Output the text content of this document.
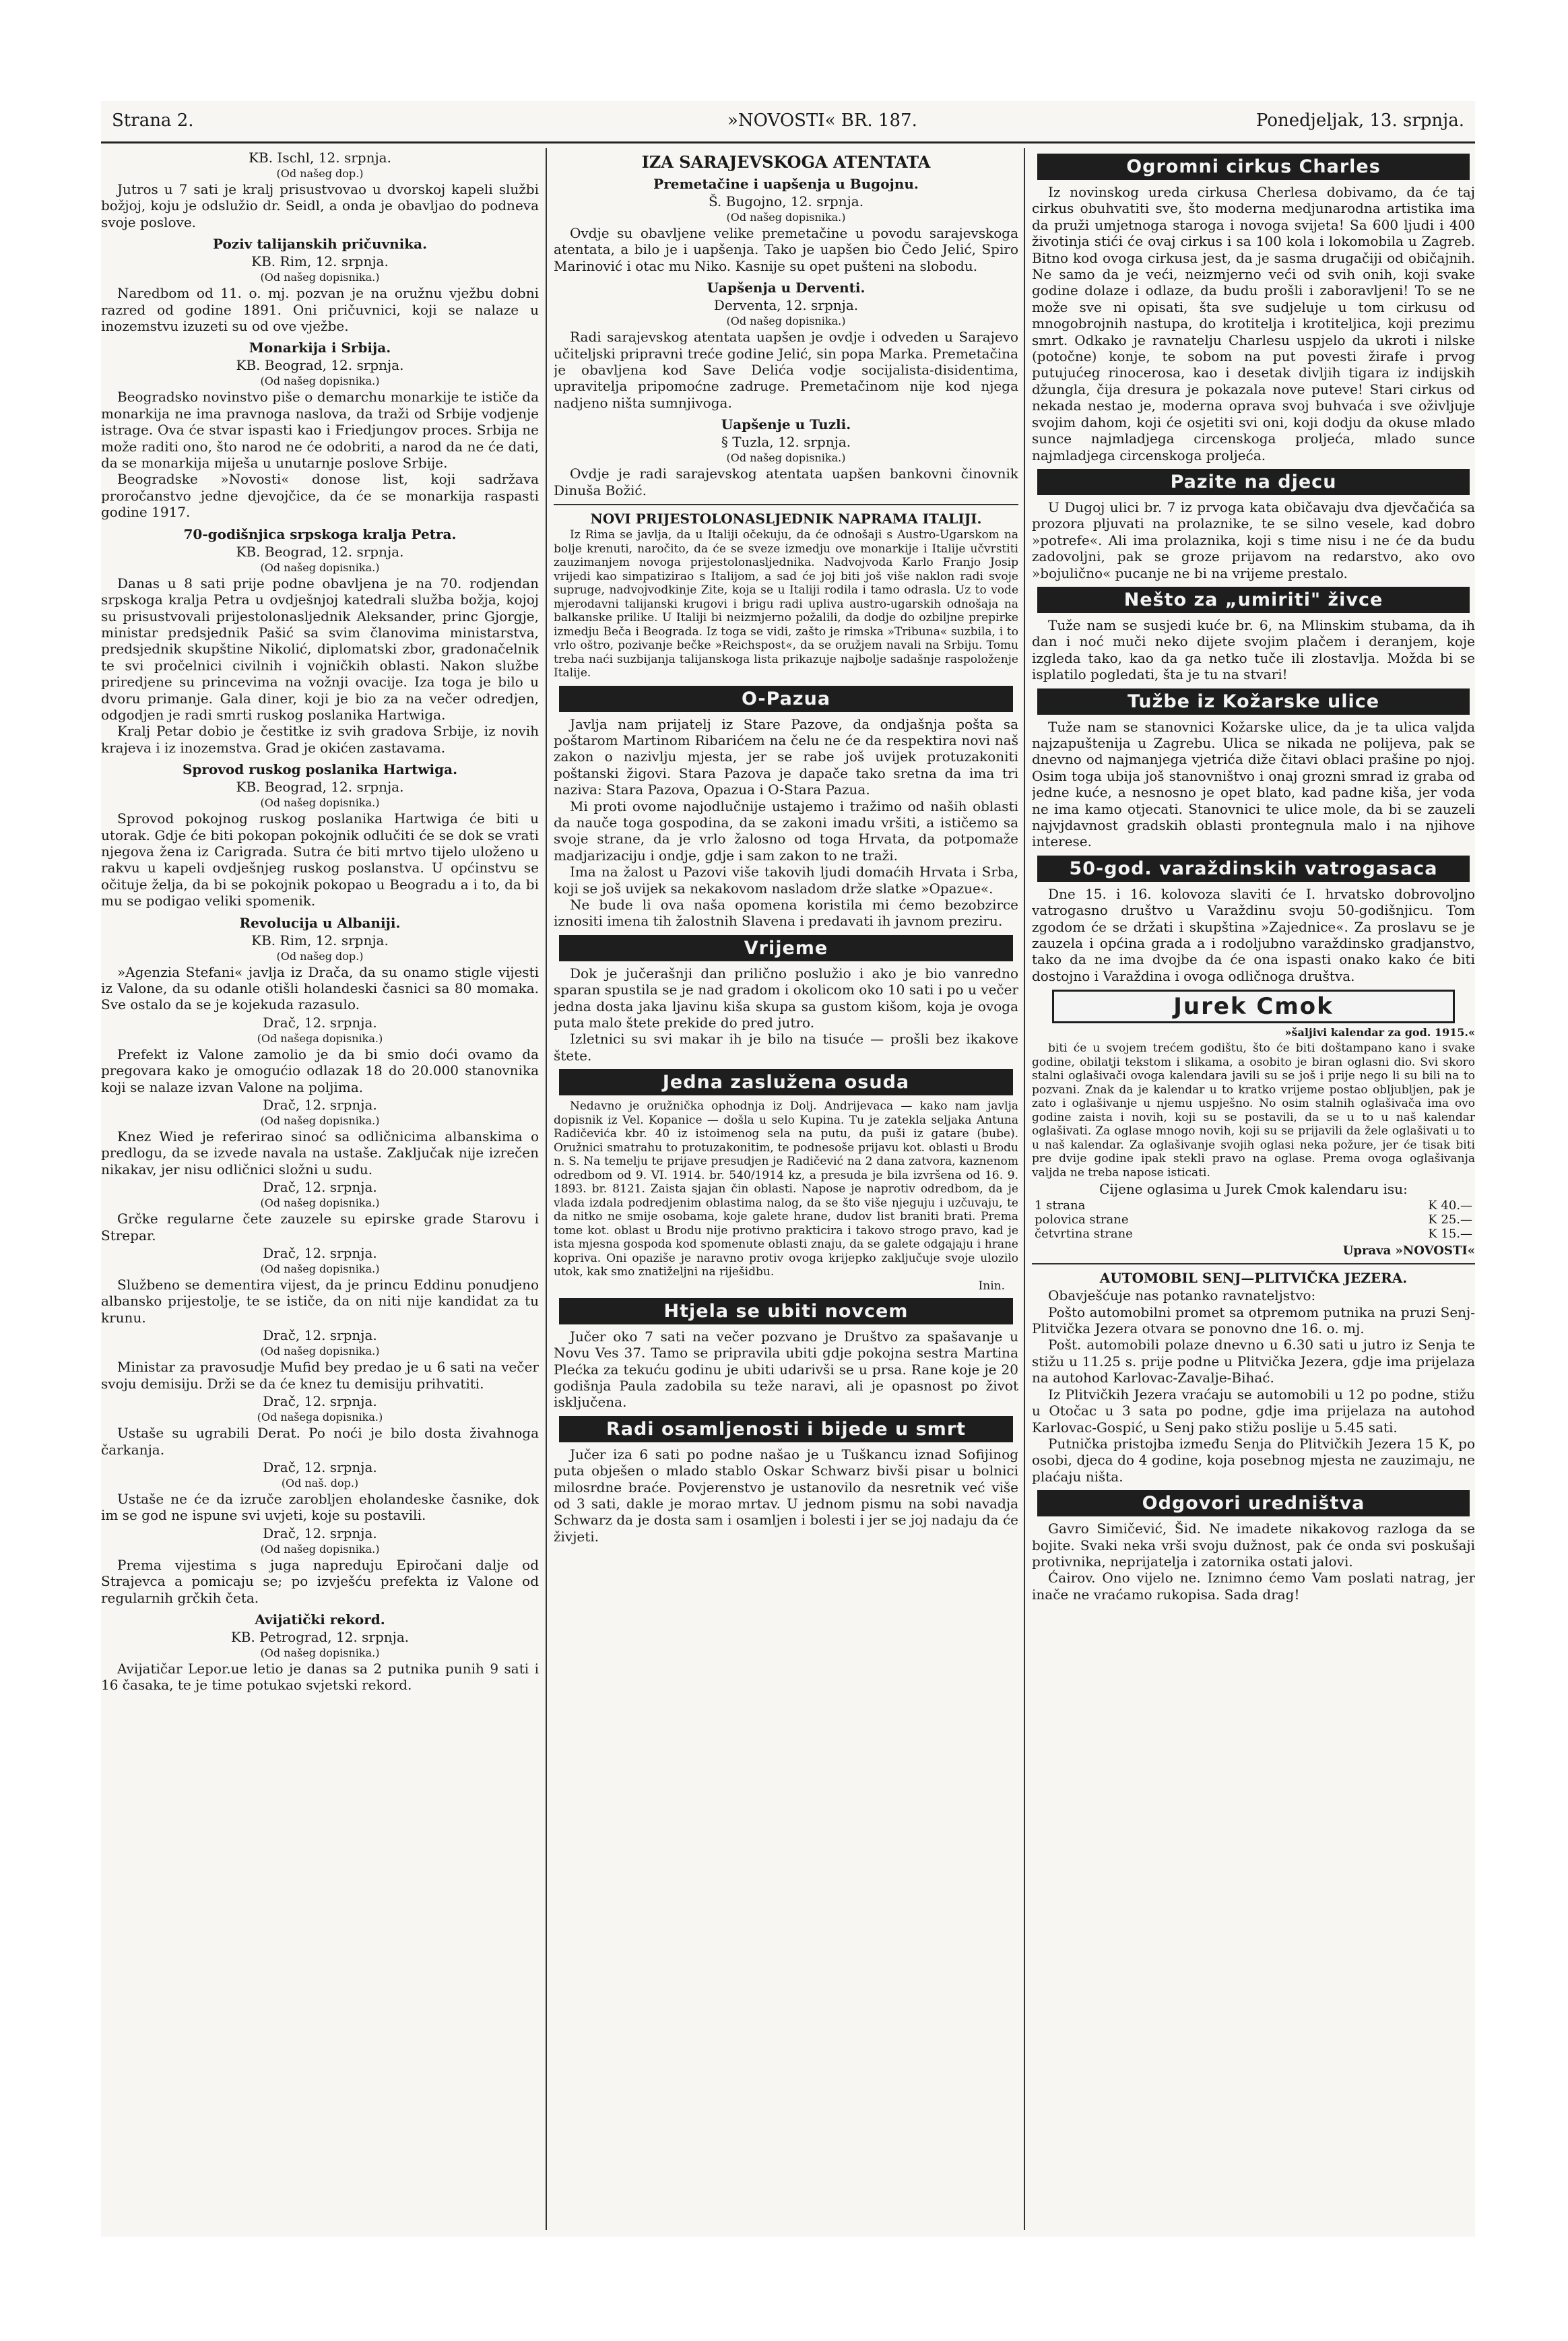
Strana 2.	»NOVOSTI« BR. 187.	Ponedjeljak, 13. srpnja.

KB. Ischl, 12. srpnja.

(Od našeg dop.)

Jutros u 7 sati je kralj prisustvovao u dvorskoj kapeli službi božjoj, koju je odslužio dr. Seidl, a onda je obavljao do podneva svoje poslove.

Poziv talijanskih pričuvnika.

KB. Rim, 12. srpnja.

(Od našeg dopisnika.)

Naredbom od 11. o. mj. pozvan je na oružnu vježbu dobni razred od godine 1891. Oni pričuvnici, koji se nalaze u inozemstvu izuzeti su od ove vježbe.

Monarkija i Srbija.

KB. Beograd, 12. srpnja.

(Od našeg dopisnika.)

Beogradsko novinstvo piše o demarchu monarkije te ističe da monarkija ne ima pravnoga naslova, da traži od Srbije vodjenje istrage. Ova će stvar ispasti kao i Friedjungov proces. Srbija ne može raditi ono, što narod ne će odobriti, a narod da ne će dati, da se monarkija miješa u unutarnje poslove Srbije.

Beogradske »Novosti« donose list, koji sadržava proročanstvo jedne djevojčice, da će se monarkija raspasti godine 1917.

70-godišnjica srpskoga kralja Petra.

KB. Beograd, 12. srpnja.

(Od našeg dopisnika.)

Danas u 8 sati prije podne obavljena je na 70. rodjendan srpskoga kralja Petra u ovdješnjoj katedrali služba božja, kojoj su prisustvovali prijestolonasljednik Aleksander, princ Gjorgje, ministar predsjednik Pašić sa svim članovima ministarstva, predsjednik skupštine Nikolić, diplomatski zbor, gradonačelnik te svi pročelnici civilnih i vojničkih oblasti. Nakon službe priredjene su princevima na vožnji ovacije. Iza toga je bilo u dvoru primanje. Gala diner, koji je bio za na večer odredjen, odgodjen je radi smrti ruskog poslanika Hartwiga.

Kralj Petar dobio je čestitke iz svih gradova Srbije, iz novih krajeva i iz inozemstva. Grad je okićen zastavama.

Sprovod ruskog poslanika Hartwiga.

KB. Beograd, 12. srpnja.

(Od našeg dopisnika.)

Sprovod pokojnog ruskog poslanika Hartwiga će biti u utorak. Gdje će biti pokopan pokojnik odlučiti će se dok se vrati njegova žena iz Carigrada. Sutra će biti mrtvo tijelo uloženo u rakvu u kapeli ovdješnjeg ruskog poslanstva. U općinstvu se očituje želja, da bi se pokojnik pokopao u Beogradu a i to, da bi mu se podigao veliki spomenik.

Revolucija u Albaniji.

KB. Rim, 12. srpnja.

(Od našeg dop.)

»Agenzia Stefani« javlja iz Drača, da su onamo stigle vijesti iz Valone, da su odanle otišli holandeski časnici sa 80 momaka. Sve ostalo da se je kojekuda razasulo.

Drač, 12. srpnja.

(Od našega dopisnika.)

Prefekt iz Valone zamolio je da bi smio doći ovamo da pregovara kako je omogućio odlazak 18 do 20.000 stanovnika koji se nalaze izvan Valone na poljima.

Drač, 12. srpnja.

(Od našeg dopisnika.)

Knez Wied je referirao sinoć sa odličnicima albanskima o predlogu, da se izvede navala na ustaše. Zaključak nije izrečen nikakav, jer nisu odličnici složni u sudu.

Drač, 12. srpnja.

(Od našeg dopisnika.)

Grčke regularne čete zauzele su epirske grade Starovu i Strepar.

Drač, 12. srpnja.

(Od našeg dopisnika.)

Službeno se dementira vijest, da je princu Eddinu ponudjeno albansko prijestolje, te se ističe, da on niti nije kandidat za tu krunu.

Drač, 12. srpnja.

(Od našeg dopisnika.)

Ministar za pravosudje Mufid bey predao je u 6 sati na večer svoju demisiju. Drži se da će knez tu demisiju prihvatiti.

Drač, 12. srpnja.

(Od našega dopisnika.)

Ustaše su ugrabili Derat. Po noći je bilo dosta živahnoga čarkanja.

Drač, 12. srpnja.

(Od naš. dop.)

Ustaše ne će da izruče zarobljen eholandeske časnike, dok im se god ne ispune svi uvjeti, koje su postavili.

Drač, 12. srpnja.

(Od našeg dopisnika.)

Prema vijestima s juga napreduju Epiročani dalje od Strajevca a pomicaju se; po izvješću prefekta iz Valone od regularnih grčkih četa.

Avijatički rekord.

KB. Petrograd, 12. srpnja.

(Od našeg dopisnika.)

Avijatičar Lepor.ue letio je danas sa 2 putnika punih 9 sati i 16 časaka, te je time potukao svjetski rekord.

IZA SARAJEVSKOGA ATENTATA

Premetačine i uapšenja u Bugojnu.

Š. Bugojno, 12. srpnja.

(Od našeg dopisnika.)

Ovdje su obavljene velike premetačine u povodu sarajevskoga atentata, a bilo je i uapšenja. Tako je uapšen bio Čedo Jelić, Spiro Marinović i otac mu Niko. Kasnije su opet pušteni na slobodu.

Uapšenja u Derventi.

Derventa, 12. srpnja.

(Od našeg dopisnika.)

Radi sarajevskog atentata uapšen je ovdje i odveden u Sarajevo učiteljski pripravni treće godine Jelić, sin popa Marka. Premetačina je obavljena kod Save Delića vodje socijalista-disidentima, upraviteljа pripomoćne zadruge. Premetačinom nije kod njega nadjeno ništa sumnjivoga.

Uapšenje u Tuzli.

§ Tuzla, 12. srpnja.

(Od našeg dopisnika.)

Ovdje je radi sarajevskog atentata uapšen bankovni činovnik Dinuša Božić.

NOVI PRIJESTOLONASLJEDNIK NAPRAMA ITALIJI.

Iz Rima se javlja, da u Italiji očekuju, da će odnošaji s Austro-Ugarskom na bolje krenuti, naročito, da će se sveze izmedju ove monarkije i Italije učvrstiti zauzimanjem novoga prijestolonasljednika. Nadvojvoda Karlo Franjo Josip vrijedi kao simpatizirao s Italijom, a sad će joj biti još više naklon radi svoje supruge, nadvojvodkinje Zite, koja se u Italiji rodila i tamo odrasla. Uz to vode mjerodavni talijanski krugovi i brigu radi upliva austro-ugarskih odnošaja na balkanske prilike. U Italiji bi neizmjerno požalili, da dodje do ozbiljne prepirke izmedju Beča i Beograda. Iz toga se vidi, zašto je rimska »Tribuna« suzbila, i to vrlo oštro, pozivanje bečke »Reichspost«, da se oružjem navali na Srbiju. Tomu treba naći suzbijanja talijanskoga lista prikazuje najbolje sadašnje raspoloženje Italije.

O-Pazua

Javlja nam prijatelj iz Stare Pazove, da ondjašnja pošta sa poštarom Martinom Ribarićem na čelu ne će da respektira novi naš zakon o nazivlju mjesta, jer se rabe još uvijek protuzakoniti poštanski žigovi. Stara Pazova je dapače tako sretna da ima tri naziva: Stara Pazova, Opazua i O-Stara Pazua.

Mi proti ovome najodlučnije ustajemo i tražimo od naših oblasti da nauče toga gospodina, da se zakoni imadu vršiti, a ističemo sa svoje strane, da je vrlo žalosno od toga Hrvata, da potpomaže madjarizaciju i ondje, gdje i sam zakon to ne traži.

Ima na žalost u Pazovi više takovih ljudi domaćih Hrvata i Srba, koji se još uvijek sa nekakovom nasladom drže slatke »Opazue«.

Ne bude li ova naša opomena koristila mi ćemo bezobzirce iznositi imena tih žalostnih Slavena i predavati ih javnom preziru.

Vrijeme

Dok je jučerašnji dan prilično poslužio i ako je bio vanredno sparan spustila se je nad gradom i okolicom oko 10 sati i po u večer jedna dosta jaka ljavinu kiša skupa sa gustom kišom, koja je ovoga puta malo štete prekide do pred jutro.

Izletnici su svi makar ih je bilo na tisuće — prošli bez ikakove štete.

Jedna zaslužena osuda

Nedavno je oružnička ophodnja iz Dolj. Andrijevaca — kako nam javlja dopisnik iz Vel. Kopanice — došla u selo Kupina. Tu je zatekla seljaka Antuna Radičevića kbr. 40 iz istoimenog sela na putu, da puši iz gatare (bube). Oružnici smatrahu to protuzakonitim, te podnesoše prijavu kot. oblasti u Brodu n. S. Na temelju te prijave presudjen je Radičević na 2 dana zatvora, kaznenom odredbom od 9. VI. 1914. br. 540/1914 kz, a presuda je bila izvršena od 16. 9. 1893. br. 8121. Zaista sjajan čin oblasti. Napose je naprotiv odredbom, da je vlada izdala podredjenim oblastima nalog, da se što više njeguju i uzčuvaju, te da nitko ne smije osobama, koje galete hrane, dudov list braniti brati. Prema tome kot. oblast u Brodu nije protivno prakticira i takovo strogo pravo, kad je ista mjesna gospoda kod spomenute oblasti znaju, da se galete odgajaju i hrane kopriva. Oni opaziše je naravno protiv ovoga krijepko zaključuje svoje ulozilo utok, kak smo znatiželjni na riješidbu.

Inin.

Htjela se ubiti novcem

Jučer oko 7 sati na večer pozvano je Društvo za spašavanje u Novu Ves 37. Tamo se pripravila ubiti gdje pokojna sestra Martina Plećka za tekuću godinu je ubiti udarivši se u prsa. Rane koje je 20 godišnja Paula zadobila su teže naravi, ali je opasnost po život isključena.

Radi osamljenosti i bijede u smrt

Jučer iza 6 sati po podne našao je u Tuškancu iznad Sofijinog puta obješen o mlado stablo Oskar Schwarz bivši pisar u bolnici milosrdne braće. Povjerenstvo je ustanovilo da nesretnik već više od 3 sati, dakle je morao mrtav. U jednom pismu na sobi navadja Schwarz da je dosta sam i osamljen i bolesti i jer se joj nadaju da će živjeti.

Ogromni cirkus Charles

Iz novinskog ureda cirkusa Cherlesa dobivamo, da će taj cirkus obuhvatiti sve, što moderna medjunarodna artistika ima da pruži umjetnoga staroga i novoga svijeta! Sa 600 ljudi i 400 životinja stići će ovaj cirkus i sa 100 kola i lokomobila u Zagreb. Bitno kod ovoga cirkusa jest, da je sasma drugačiji od običajnih. Ne samo da je veći, neizmjerno veći od svih onih, koji svake godine dolaze i odlaze, da budu prošli i zaboravljeni! To se ne može sve ni opisati, šta sve sudjeluje u tom cirkusu od mnogobrojnih nastupa, do krotitelja i krotiteljica, koji prezimu smrt. Odkako je ravnatelju Charlesu uspjelo da ukroti i nilske (potočne) konje, te sobom na put povesti žirafe i prvog putujućeg rinocerosa, kao i desetak divljih tigara iz indijskih džungla, čija dresura je pokazala nove puteve! Stari cirkus od nekada nestao je, moderna oprava svoj buhvaća i sve oživljuje svojim dahom, koji će osjetiti svi oni, koji dodju da okuse mlado sunce najmladjega circenskoga proljeća, mlado sunce najmladjega circenskoga proljeća.

Pazite na djecu

U Dugoj ulici br. 7 iz prvoga kata običavaju dva djevčačića sa prozora pljuvati na prolaznike, te se silno vesele, kad dobro »potrefe«. Ali ima prolaznika, koji s time nisu i ne će da budu zadovoljni, pak se groze prijavom na redarstvo, ako ovo »bojuličnо« pucanje ne bi na vrijeme prestalo.

Nešto za „umiriti" živce

Tuže nam se susjedi kuće br. 6, na Mlinskim stubama, da ih dan i noć muči neko dijete svojim plačem i deranjem, koje izgleda tako, kao da ga netko tuče ili zlostavlja. Možda bi se isplatilo pogledati, šta je tu na stvari!

Tužbe iz Kožarske ulice

Tuže nam se stanovnici Kožarske ulice, da je ta ulica valjda najzapuštenija u Zagrebu. Ulica se nikada ne polijeva, pak se dnevno od najmanjega vjetrića diže čitavi oblaci prašine po njoj. Osim toga ubija još stanovništvo i onaj grozni smrad iz graba od jedne kuće, a nesnosno je opet blato, kad padne kiša, jer voda ne ima kamo otjecati. Stanovnici te ulice mole, da bi se zauzeli najvjdavnost gradskih oblasti prontegnula malo i na njihove interese.

50-god. varaždinskih vatrogasaca

Dne 15. i 16. kolovoza slaviti će I. hrvatsko dobrovoljno vatrogasno društvo u Varaždinu svoju 50-godišnjicu. Tom zgodom će se držati i skupština »Zajednice«. Za proslavu se je zauzela i općina grada a i rodoljubno varaždinsko gradjanstvo, tako da ne ima dvojbe da će ona ispasti onako kako će biti dostojno i Varaždina i ovoga odličnoga društva.

Jurek Cmok

»šaljivi kalendar za god. 1915.«

biti će u svojem trećem godištu, što će biti doštampano kano i svake godine, obilatji tekstom i slikama, a osobito je biran oglasni dio. Svi skoro stalni oglašivači ovoga kalendara javili su se još i prije nego li su bili na to pozvani. Znak da je kalendar u to kratko vrijeme postao obljubljen, pak je zato i oglašivanje u njemu uspješno. No osim stalnih oglašivača ima ovo godine zaista i novih, koji su se postavili, da se u to u naš kalendar oglašivati. Za oglase mnogo novih, koji su se prijavili da žele oglašivati u to u naš kalendar. Za oglašivanje svojih oglasi neka požure, jer će tisak biti pre dvije godine ipak stekli pravo na oglase. Prema ovoga oglašivanja valjda ne treba napose isticati.

Cijene oglasima u Jurek Cmok kalendaru isu:

1 strana	K 40.—
polovica strane	K 25.—
četvrtina strane	K 15.—

Uprava »NOVOSTI«

AUTOMOBIL SENJ—PLITVIČKA JEZERA.

Obavješćuje nas potanko ravnateljstvo:

Pošto automobilni promet sa otpremom putnika na pruzi Senj-Plitvička Jezera otvara se ponovno dne 16. o. mj.

Pošt. automobili polaze dnevno u 6.30 sati u jutro iz Senja te stižu u 11.25 s. prije podne u Plitvička Jezera, gdje ima prijelaza na autohod Karlovac-Zavalje-Bihać.

Iz Plitvičkih Jezera vraćaju se automobili u 12 po podne, stižu u Otočac u 3 sata po podne, gdje ima prijelaza na autohod Karlovac-Gospić, u Senj pako stižu poslije u 5.45 sati.

Putnička pristojba između Senja do Plitvičkih Jezera 15 K, po osobi, djeca do 4 godine, koja posebnog mjesta ne zauzimaju, ne plaćaju ništa.

Odgovori uredništva

Gavro Simičević, Šid. Ne imadete nikakovog razloga da se bojite. Svaki neka vrši svoju dužnost, pak će onda svi poskušaji protivnika, neprijatelja i zatornika ostati jalovi.

Ćairov. Ono vijelo ne. Iznimno ćemo Vam poslati natrag, jer inače ne vraćamo rukopisa. Sada drag!
